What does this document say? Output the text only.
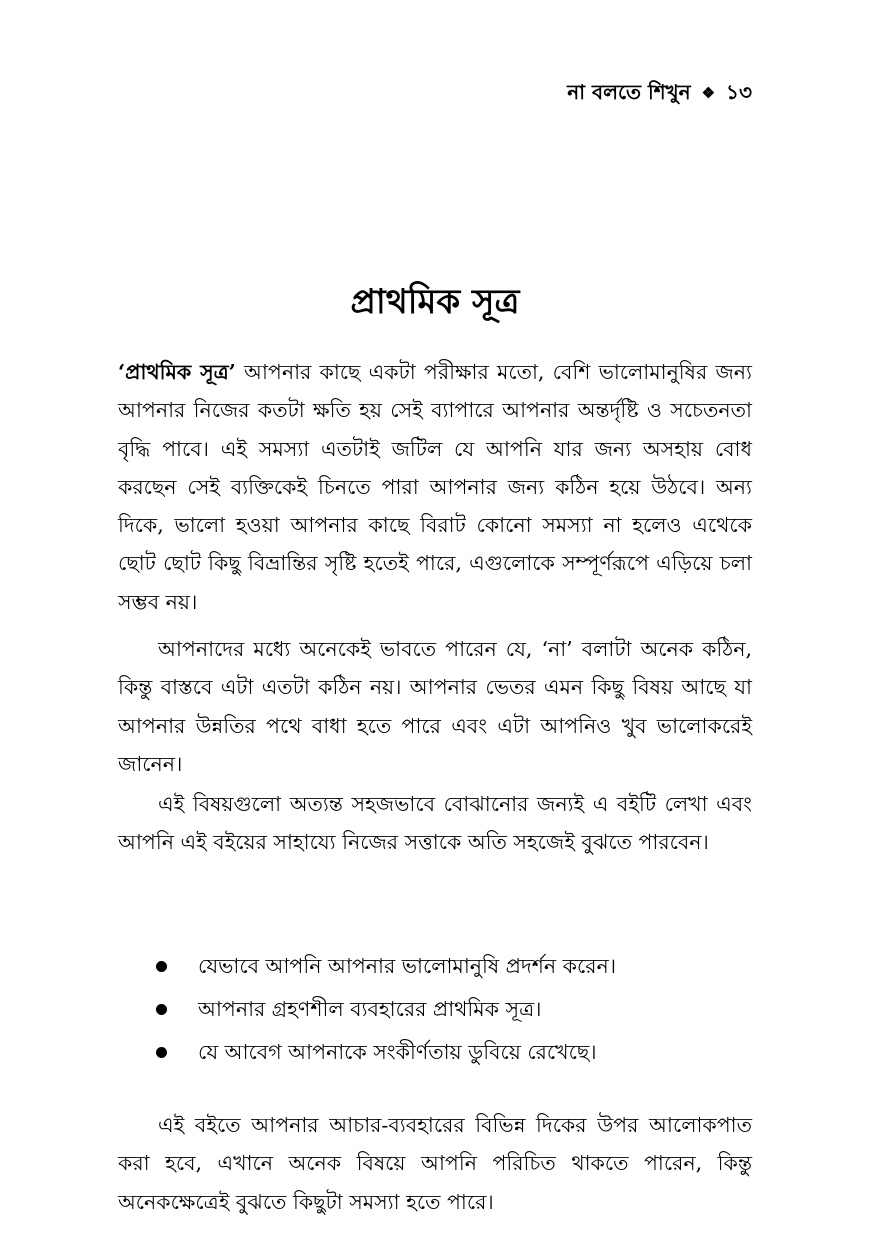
না বলতে শিখুন ❖ ১৩
প্রাথমিক সূত্র

‘প্রাথমিক সূত্র’ আপনার কাছে একটা পরীক্ষার মতো, বেশি ভালোমানুষির জন্য আপনার নিজের কতটা ক্ষতি হয় সেই ব্যাপারে আপনার অন্তর্দৃষ্টি ও সচেতনতা বৃদ্ধি পাবে। এই সমস্যা এতটাই জটিল যে আপনি যার জন্য অসহায় বোধ করছেন সেই ব্যক্তিকেই চিনতে পারা আপনার জন্য কঠিন হয়ে উঠবে। অন্য দিকে, ভালো হওয়া আপনার কাছে বিরাট কোনো সমস্যা না হলেও এথেকে ছোট ছোট কিছু বিভ্রান্তির সৃষ্টি হতেই পারে, এগুলোকে সম্পূর্ণরূপে এড়িয়ে চলা সম্ভব নয়।

আপনাদের মধ্যে অনেকেই ভাবতে পারেন যে, ‘না’ বলাটা অনেক কঠিন, কিন্তু বাস্তবে এটা এতটা কঠিন নয়। আপনার ভেতর এমন কিছু বিষয় আছে যা আপনার উন্নতির পথে বাধা হতে পারে এবং এটা আপনিও খুব ভালোকরেই জানেন।

এই বিষয়গুলো অত্যন্ত সহজভাবে বোঝানোর জন্যই এ বইটি লেখা এবং আপনি এই বইয়ের সাহায্যে নিজের সত্তাকে অতি সহজেই বুঝতে পারবেন।

যেভাবে আপনি আপনার ভালোমানুষি প্রদর্শন করেন।
আপনার গ্রহণশীল ব্যবহারের প্রাথমিক সূত্র।
যে আবেগ আপনাকে সংকীর্ণতায় ডুবিয়ে রেখেছে।

এই বইতে আপনার আচার-ব্যবহারের বিভিন্ন দিকের উপর আলোকপাত করা হবে, এখানে অনেক বিষয়ে আপনি পরিচিত থাকতে পারেন, কিন্তু অনেকক্ষেত্রেই বুঝতে কিছুটা সমস্যা হতে পারে।
